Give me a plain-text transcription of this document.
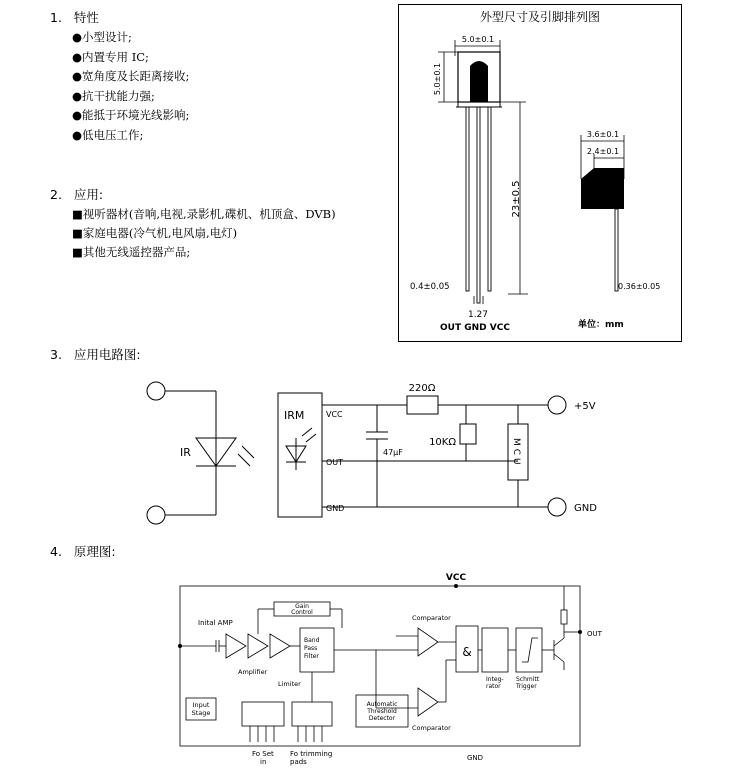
1. 特性
●小型设计;
●内置专用 IC;
●宽角度及长距离接收;
●抗干扰能力强;
●能抵于环境光线影响;
●低电压工作;
2. 应用:
■视听器材(音响,电视,录影机,碟机、机顶盒、DVB)
■家庭电器(冷气机,电风扇,电灯)
■其他无线遥控器产品;
外型尺寸及引脚排列图
5.0±0.1
5.0±0.1
23±0.5
0.4±0.05
1.27
OUT GND VCC
3.6±0.1
2.4±0.1
0.36±0.05
单位：mm
3. 应用电路图:
IR
IRM	VCC
OUT
GND
220Ω
10KΩ
47μF	MCU
+5V
GND
4. 原理图:
VCC
GND
OUT
Inital AMP
Gain
Control
Amplifier
Limiter
Band
Pass
Filter
Comparator
Comparator
Automatic
Threshold
Detector
&
Integ-
rator
Schmitt
Trigger
Input
Stage
Fo Set
in
Fo trimming
pads
